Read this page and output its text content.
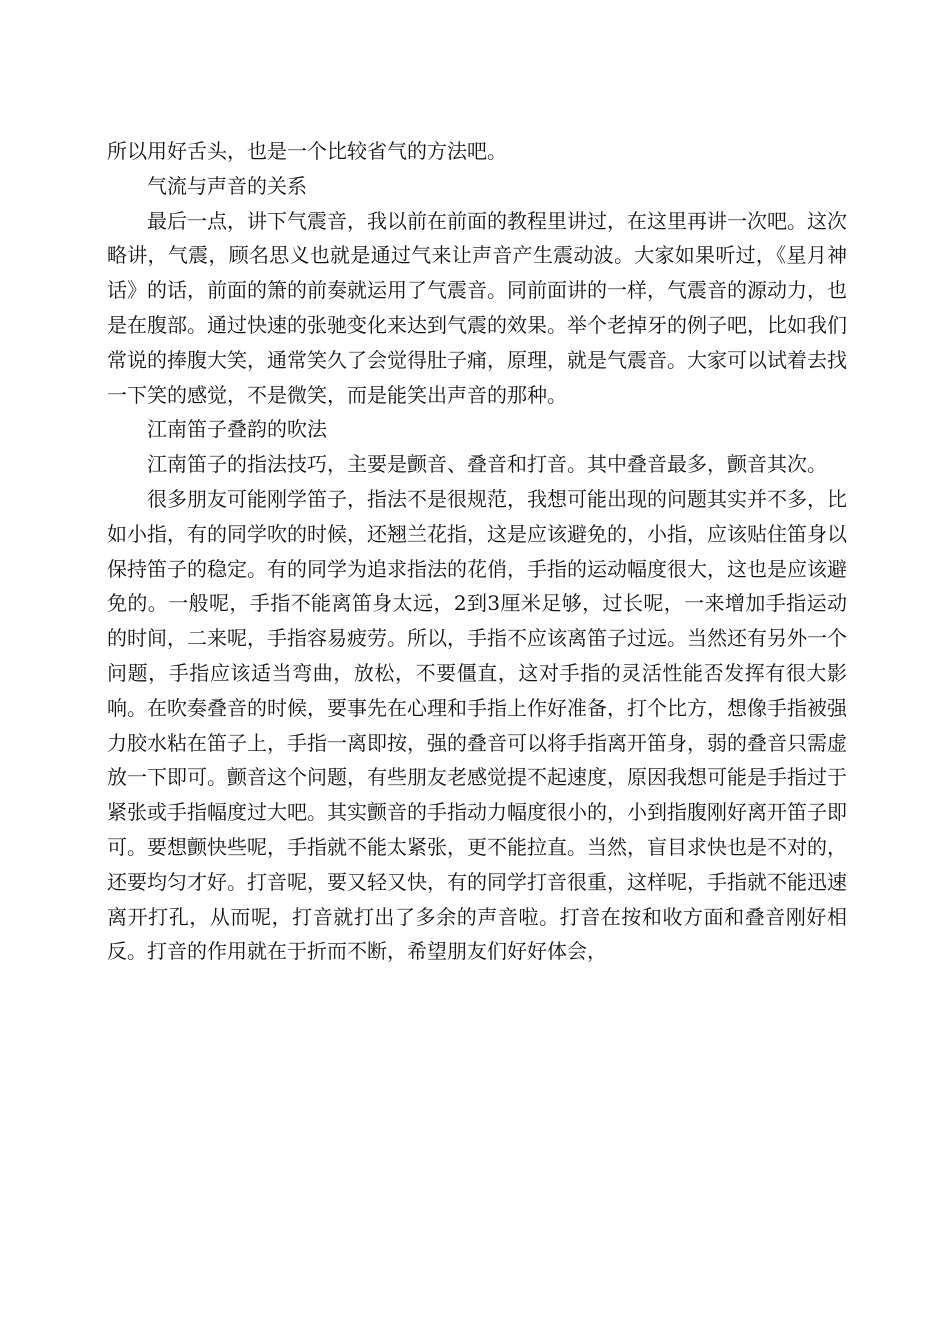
所以用好舌头，也是一个比较省气的方法吧。

气流与声音的关系

最后一点，讲下气震音，我以前在前面的教程里讲过，在这里再讲一次吧。这次略讲，气震，顾名思义也就是通过气来让声音产生震动波。大家如果听过，《星月神话》的话，前面的箫的前奏就运用了气震音。同前面讲的一样，气震音的源动力，也是在腹部。通过快速的张驰变化来达到气震的效果。举个老掉牙的例子吧，比如我们常说的捧腹大笑，通常笑久了会觉得肚子痛，原理，就是气震音。大家可以试着去找一下笑的感觉，不是微笑，而是能笑出声音的那种。

江南笛子叠韵的吹法

江南笛子的指法技巧，主要是颤音、叠音和打音。其中叠音最多，颤音其次。

很多朋友可能刚学笛子，指法不是很规范，我想可能出现的问题其实并不多，比如小指，有的同学吹的时候，还翘兰花指，这是应该避免的，小指，应该贴住笛身以保持笛子的稳定。有的同学为追求指法的花俏，手指的运动幅度很大，这也是应该避免的。一般呢，手指不能离笛身太远，2到3厘米足够，过长呢，一来增加手指运动的时间，二来呢，手指容易疲劳。所以，手指不应该离笛子过远。当然还有另外一个问题，手指应该适当弯曲，放松，不要僵直，这对手指的灵活性能否发挥有很大影响。在吹奏叠音的时候，要事先在心理和手指上作好准备，打个比方，想像手指被强力胶水粘在笛子上，手指一离即按，强的叠音可以将手指离开笛身，弱的叠音只需虚放一下即可。颤音这个问题，有些朋友老感觉提不起速度，原因我想可能是手指过于紧张或手指幅度过大吧。其实颤音的手指动力幅度很小的，小到指腹刚好离开笛子即可。要想颤快些呢，手指就不能太紧张，更不能拉直。当然，盲目求快也是不对的，还要均匀才好。打音呢，要又轻又快，有的同学打音很重，这样呢，手指就不能迅速离开打孔，从而呢，打音就打出了多余的声音啦。打音在按和收方面和叠音刚好相反。打音的作用就在于折而不断，希望朋友们好好体会，
